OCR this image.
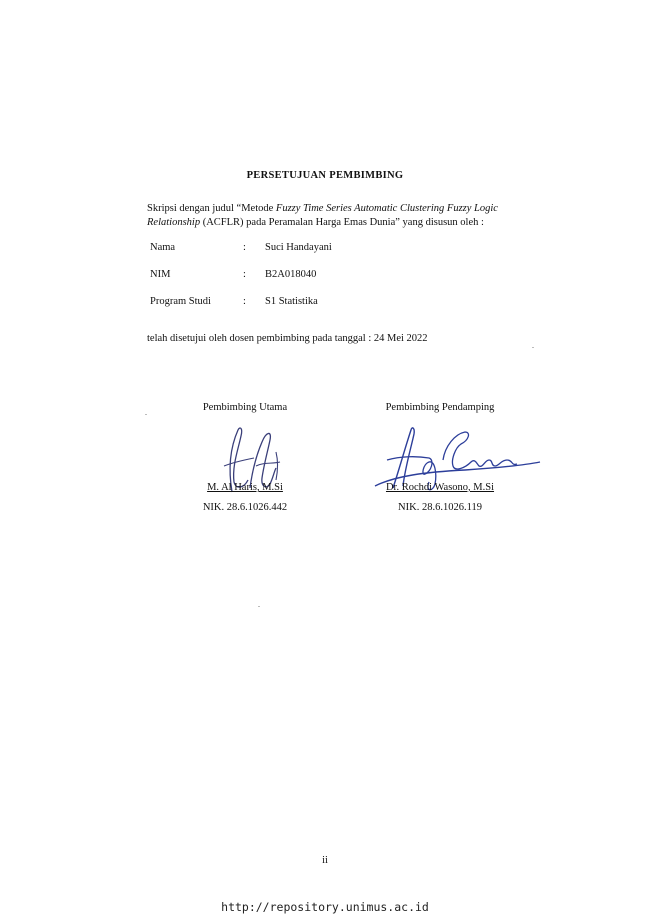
PERSETUJUAN PEMBIMBING
Skripsi dengan judul “Metode Fuzzy Time Series Automatic Clustering Fuzzy Logic Relationship (ACFLR) pada Peramalan Harga Emas Dunia” yang disusun oleh :
Nama	: Suci Handayani
NIM	: B2A018040
Program Studi	: S1 Statistika
telah disetujui oleh dosen pembimbing pada tanggal : 24 Mei 2022
Pembimbing Utama
M. Al Haris, M.Si
NIK. 28.6.1026.442
Pembimbing Pendamping
Dr. Rochdi Wasono, M.Si
NIK. 28.6.1026.119
ii
http://repository.unimus.ac.id
